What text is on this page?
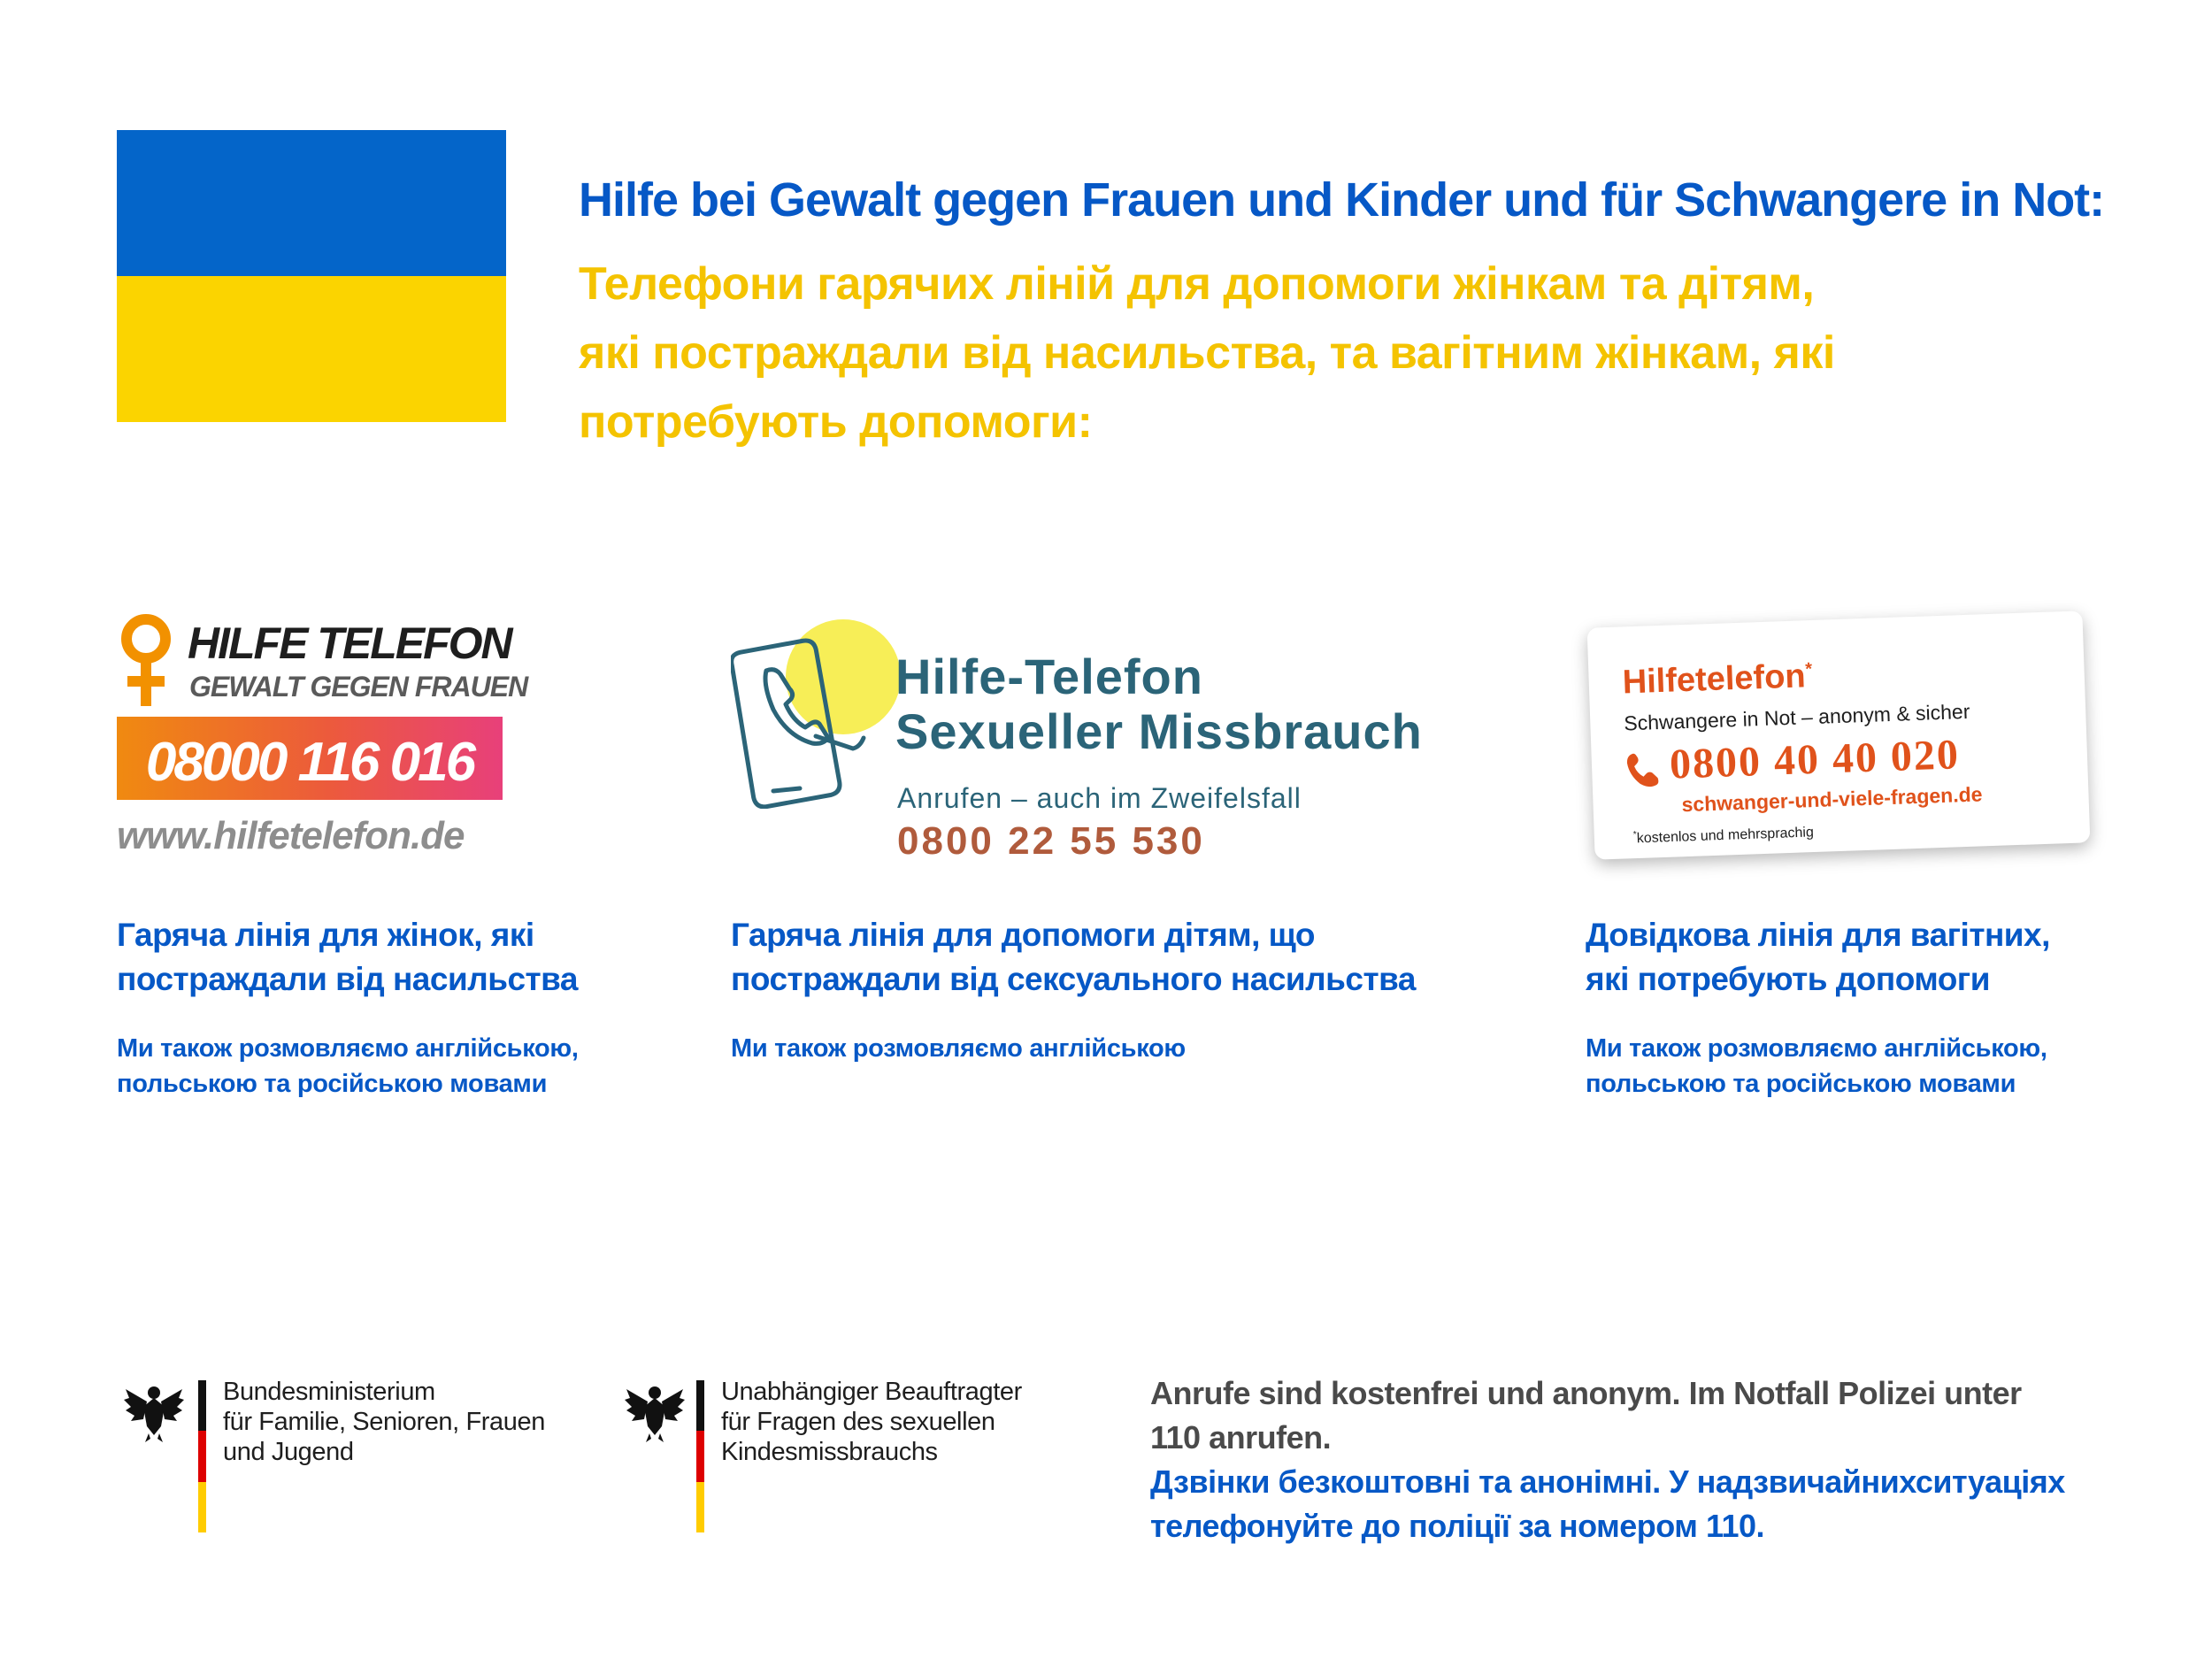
Hilfe bei Gewalt gegen Frauen und Kinder und für Schwangere in Not:
Телефони гарячих ліній для допомоги жінкам та дітям,
які постраждали від насильства, та вагітним жінкам, які
потребують допомоги:
HILFE TELEFON
GEWALT GEGEN FRAUEN
08000 116 016
www.hilfetelefon.de
Hilfe-Telefon
Sexueller Missbrauch
Anrufen – auch im Zweifelsfall
0800 22 55 530
Hilfetelefon*
Schwangere in Not – anonym & sicher
0800 40 40 020
schwanger-und-viele-fragen.de
*kostenlos und mehrsprachig
Гаряча лінія для жінок, які
постраждали від насильства
Ми також розмовляємо англійською,
польською та російською мовами
Гаряча лінія для допомоги дітям, що
постраждали від сексуального насильства
Ми також розмовляємо англійською
Довідкова лінія для вагітних,
які потребують допомоги
Ми також розмовляємо англійською,
польською та російською мовами
Bundesministerium
für Familie, Senioren, Frauen
und Jugend
Unabhängiger Beauftragter
für Fragen des sexuellen
Kindesmissbrauchs
Anrufe sind kostenfrei und anonym. Im Notfall Polizei unter
110 anrufen.
Дзвінки безкоштовні та анонімні. У надзвичайнихситуаціях
телефонуйте до поліції за номером 110.
